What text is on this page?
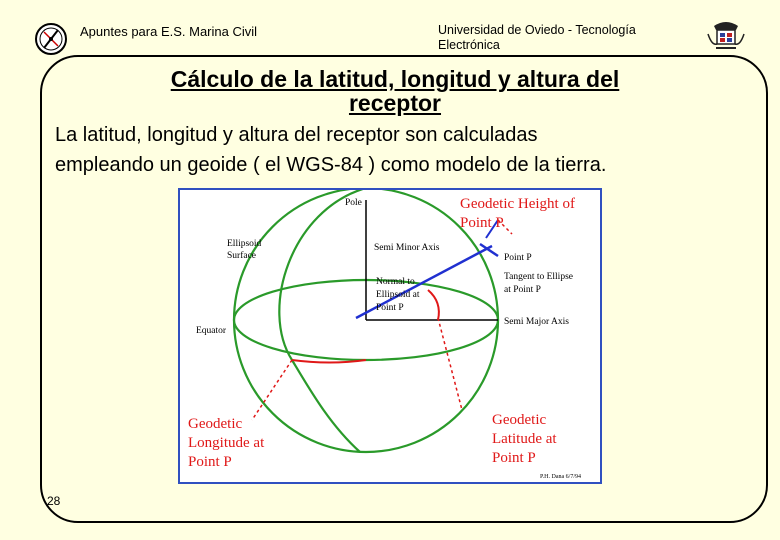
Apuntes para E.S. Marina Civil	Universidad de Oviedo - Tecnología
Electrónica
Cálculo de la latitud, longitud y altura del
receptor
La latitud, longitud y altura del receptor son calculadas
empleando un geoide ( el WGS-84 ) como modelo de la tierra.
Pole	Geodetic Height of
Point P
Ellipsoid
Surface
Semi Minor Axis
Point P
Normal to
Ellipsoid at
Point P
Tangent to Ellipse
at Point P
Equator
Semi Major Axis
Geodetic
Longitude at
Point P
Geodetic
Latitude at
Point P
P.H. Dana 6/7/94
28
